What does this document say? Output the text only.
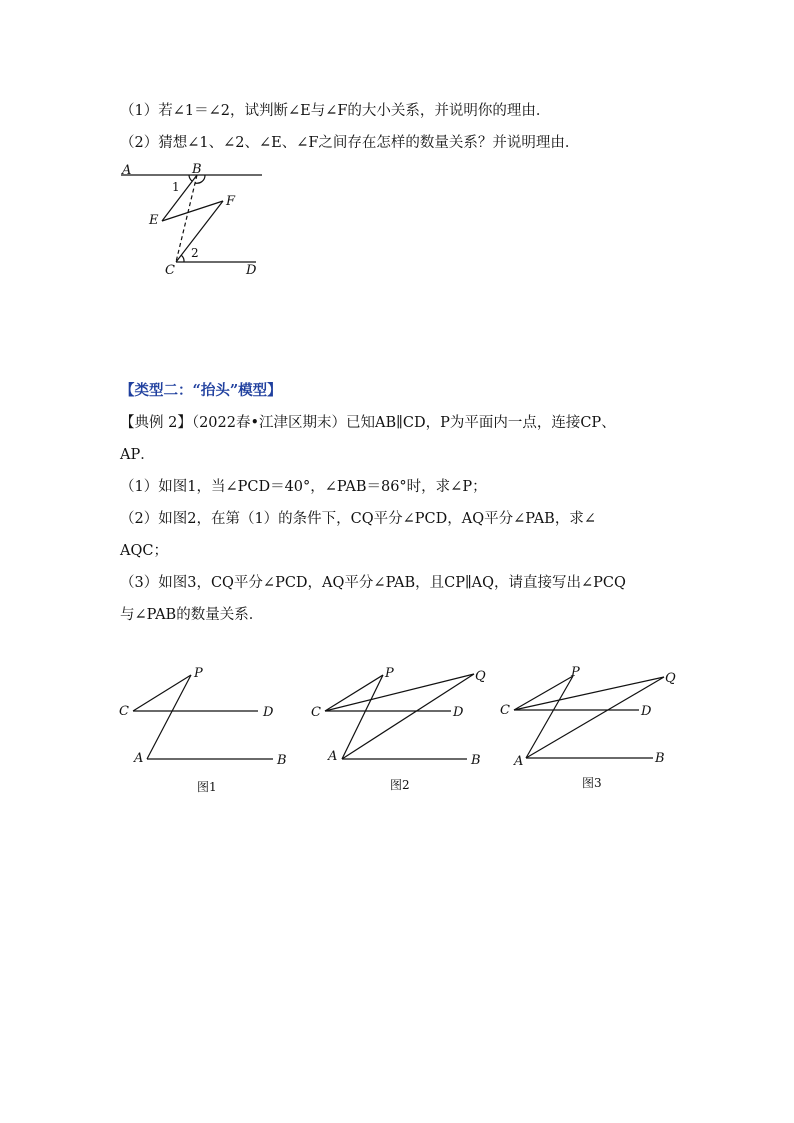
（1）若∠1＝∠2，试判断∠E与∠F的大小关系，并说明你的理由．
（2）猜想∠1、∠2、∠E、∠F之间存在怎样的数量关系？并说明理由．
A	B
1
E
F
2
C	D
【类型二：“抬头”模型】
【典例 2】（2022春•江津区期末）已知AB∥CD，P为平面内一点，连接CP、
AP．
（1）如图1，当∠PCD＝40°，∠PAB＝86°时，求∠P；
（2）如图2，在第（1）的条件下，CQ平分∠PCD，AQ平分∠PAB，求∠
AQC；
（3）如图3，CQ平分∠PCD，AQ平分∠PAB，且CP∥AQ，请直接写出∠PCQ
与∠PAB的数量关系．
P
C	D
A	B
图1
P	Q
C	D
A	B
图2
P	Q
C	D
A	B
图3
